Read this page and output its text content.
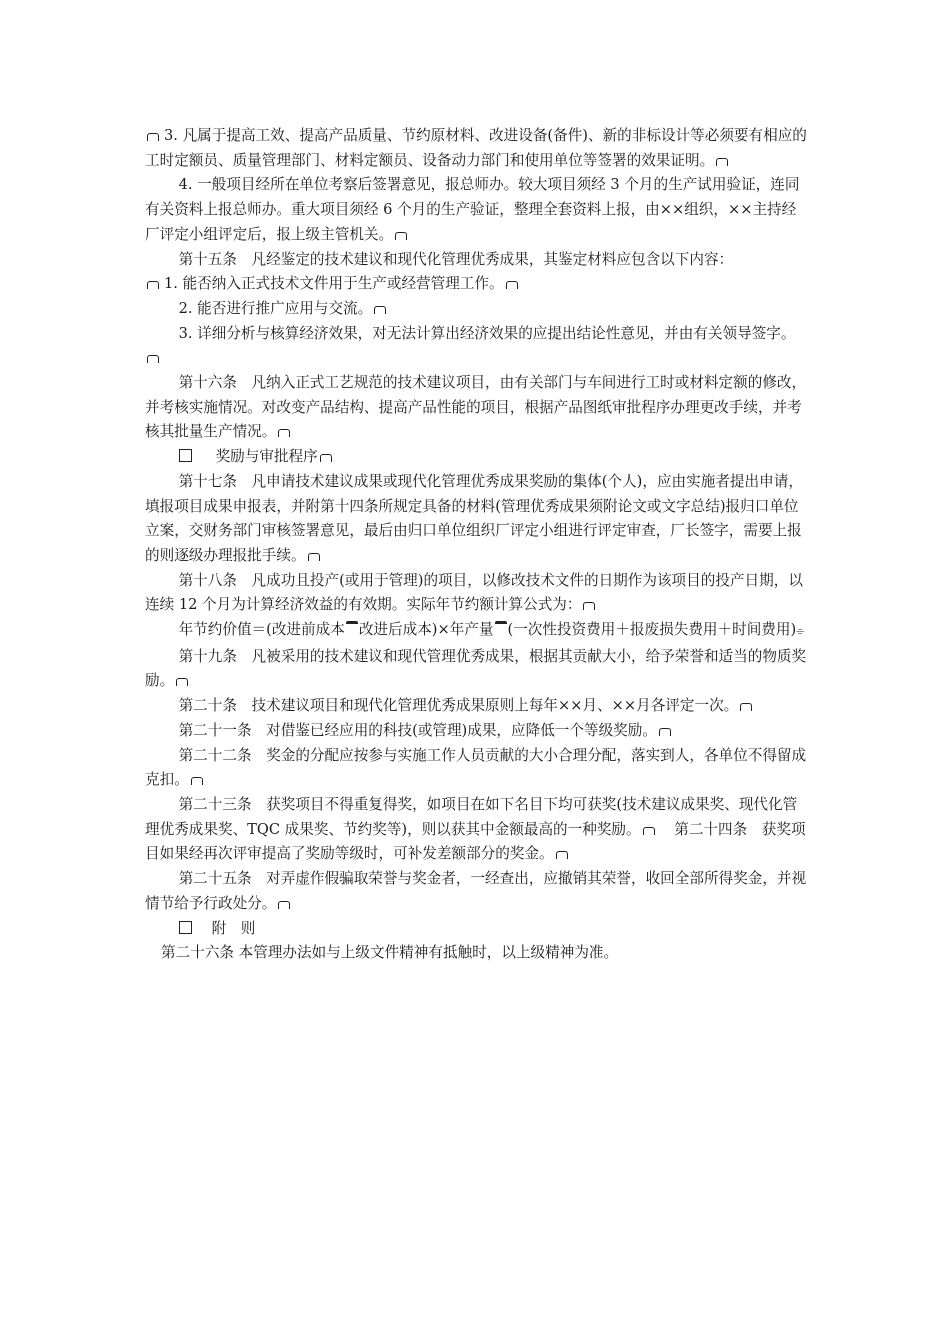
3. 凡属于提高工效、提高产品质量、节约原材料、改进设备(备件)、新的非标设计等必须要有相应的工时定额员、质量管理部门、材料定额员、设备动力部门和使用单位等签署的效果证明。

4. 一般项目经所在单位考察后签署意见，报总师办。较大项目须经 3 个月的生产试用验证，连同有关资料上报总师办。重大项目须经 6 个月的生产验证，整理全套资料上报，由××组织，××主持经厂评定小组评定后，报上级主管机关。

第十五条　凡经鉴定的技术建议和现代化管理优秀成果，其鉴定材料应包含以下内容：

1. 能否纳入正式技术文件用于生产或经营管理工作。

2. 能否进行推广应用与交流。

3. 详细分析与核算经济效果，对无法计算出经济效果的应提出结论性意见，并由有关领导签字。

第十六条　凡纳入正式工艺规范的技术建议项目，由有关部门与车间进行工时或材料定额的修改，并考核实施情况。对改变产品结构、提高产品性能的项目，根据产品图纸审批程序办理更改手续，并考核其批量生产情况。

奖励与审批程序

第十七条　凡申请技术建议成果或现代化管理优秀成果奖励的集体(个人)，应由实施者提出申请，填报项目成果申报表，并附第十四条所规定具备的材料(管理优秀成果须附论文或文字总结)报归口单位立案，交财务部门审核签署意见，最后由归口单位组织厂评定小组进行评定审查，厂长签字，需要上报的则逐级办理报批手续。

第十八条　凡成功且投产(或用于管理)的项目，以修改技术文件的日期作为该项目的投产日期，以连续 12 个月为计算经济效益的有效期。实际年节约额计算公式为：

年节约价值＝(改进前成本 改进后成本)×年产量 (一次性投资费用＋报废损失费用＋时间费用)⌯

第十九条　凡被采用的技术建议和现代管理优秀成果，根据其贡献大小，给予荣誉和适当的物质奖励。

第二十条　技术建议项目和现代化管理优秀成果原则上每年××月、××月各评定一次。

第二十一条　对借鉴已经应用的科技(或管理)成果，应降低一个等级奖励。

第二十二条　奖金的分配应按参与实施工作人员贡献的大小合理分配，落实到人，各单位不得留成克扣。

第二十三条　获奖项目不得重复得奖，如项目在如下名目下均可获奖(技术建议成果奖、现代化管理优秀成果奖、TQC 成果奖、节约奖等)，则以获其中金额最高的一种奖励。　 第二十四条　获奖项目如果经再次评审提高了奖励等级时，可补发差额部分的奖金。

第二十五条　对弄虚作假骗取荣誉与奖金者，一经查出，应撤销其荣誉，收回全部所得奖金，并视情节给予行政处分。

附　则

第二十六条 本管理办法如与上级文件精神有抵触时，以上级精神为准。
